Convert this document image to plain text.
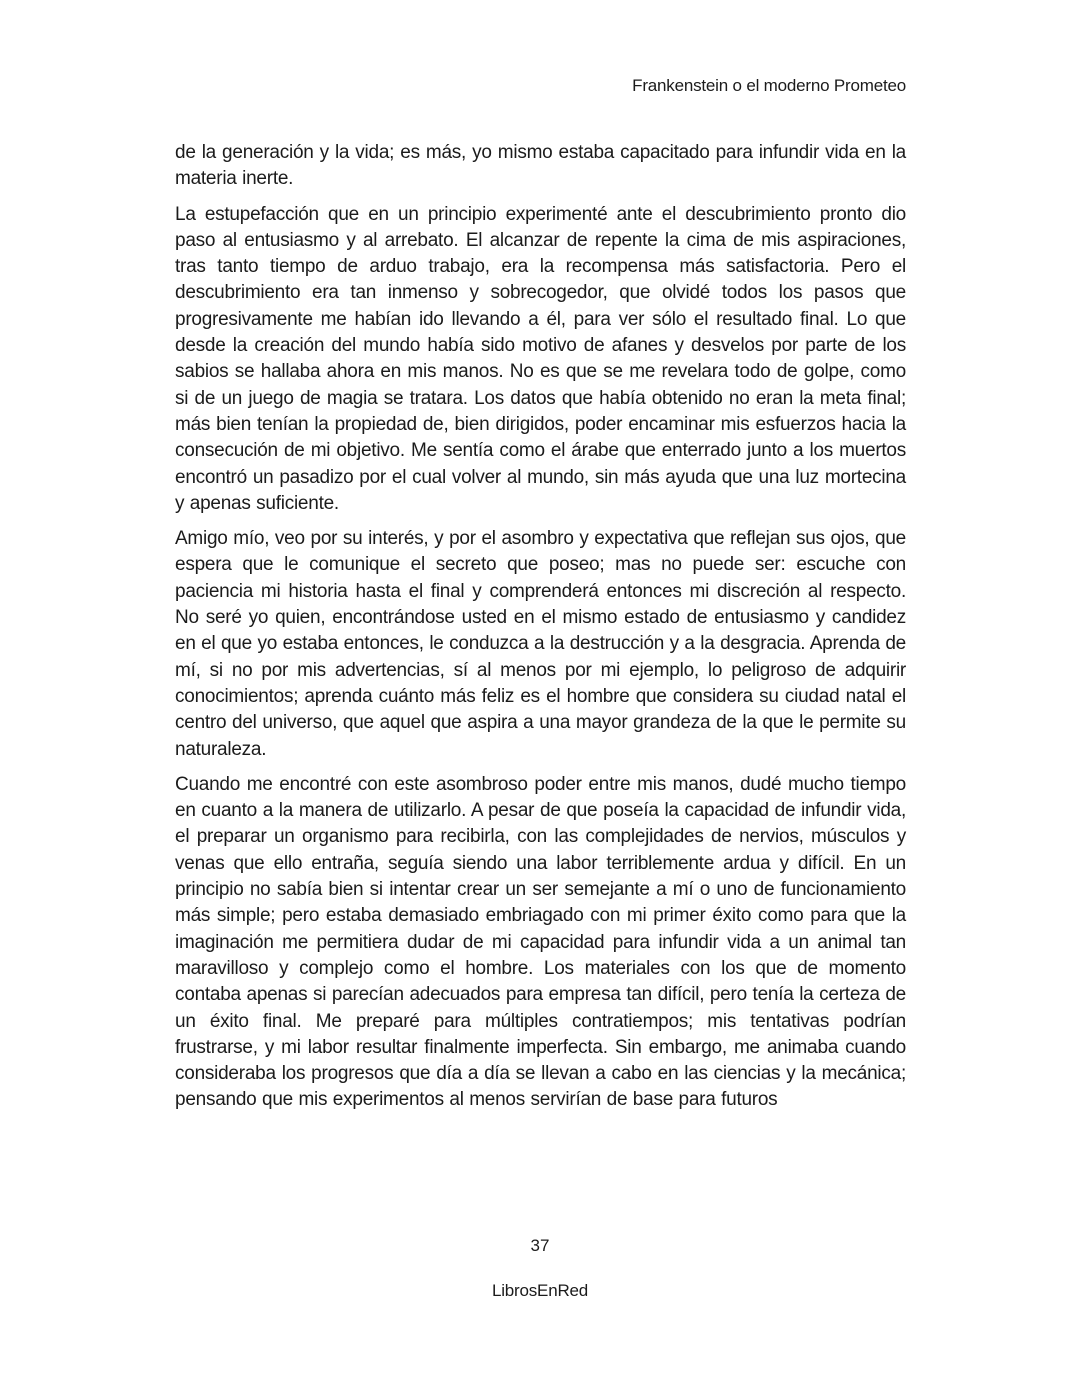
Frankenstein o el moderno Prometeo

de la generación y la vida; es más, yo mismo estaba capacitado para infundir vida en la materia inerte.

La estupefacción que en un principio experimenté ante el descubrimiento pronto dio paso al entusiasmo y al arrebato. El alcanzar de repente la cima de mis aspiraciones, tras tanto tiempo de arduo trabajo, era la recompensa más satisfactoria. Pero el descubrimiento era tan inmenso y sobrecogedor, que olvidé todos los pasos que progresivamente me habían ido llevando a él, para ver sólo el resultado final. Lo que desde la creación del mundo había sido motivo de afanes y desvelos por parte de los sabios se hallaba ahora en mis manos. No es que se me revelara todo de golpe, como si de un juego de magia se tratara. Los datos que había obtenido no eran la meta final; más bien tenían la propiedad de, bien dirigidos, poder encaminar mis esfuerzos hacia la consecución de mi objetivo. Me sentía como el árabe que enterrado junto a los muertos encontró un pasadizo por el cual volver al mundo, sin más ayuda que una luz mortecina y apenas suficiente.

Amigo mío, veo por su interés, y por el asombro y expectativa que reflejan sus ojos, que espera que le comunique el secreto que poseo; mas no puede ser: escuche con paciencia mi historia hasta el final y comprenderá entonces mi discreción al respecto. No seré yo quien, encontrándose usted en el mismo estado de entusiasmo y candidez en el que yo estaba entonces, le conduzca a la destrucción y a la desgracia. Aprenda de mí, si no por mis advertencias, sí al menos por mi ejemplo, lo peligroso de adquirir conocimientos; aprenda cuánto más feliz es el hombre que considera su ciudad natal el centro del universo, que aquel que aspira a una mayor grandeza de la que le permite su naturaleza.

Cuando me encontré con este asombroso poder entre mis manos, dudé mucho tiempo en cuanto a la manera de utilizarlo. A pesar de que poseía la capacidad de infundir vida, el preparar un organismo para recibirla, con las complejidades de nervios, músculos y venas que ello entraña, seguía siendo una labor terriblemente ardua y difícil. En un principio no sabía bien si intentar crear un ser semejante a mí o uno de funcionamiento más simple; pero estaba demasiado embriagado con mi primer éxito como para que la imaginación me permitiera dudar de mi capacidad para infundir vida a un animal tan maravilloso y complejo como el hombre. Los materiales con los que de momento contaba apenas si parecían adecuados para empresa tan difícil, pero tenía la certeza de un éxito final. Me preparé para múltiples contratiempos; mis tentativas podrían frustrarse, y mi labor resultar finalmente imperfecta. Sin embargo, me animaba cuando consideraba los progresos que día a día se llevan a cabo en las ciencias y la mecánica; pensando que mis experimentos al menos servirían de base para futuros

37
LibrosEnRed
